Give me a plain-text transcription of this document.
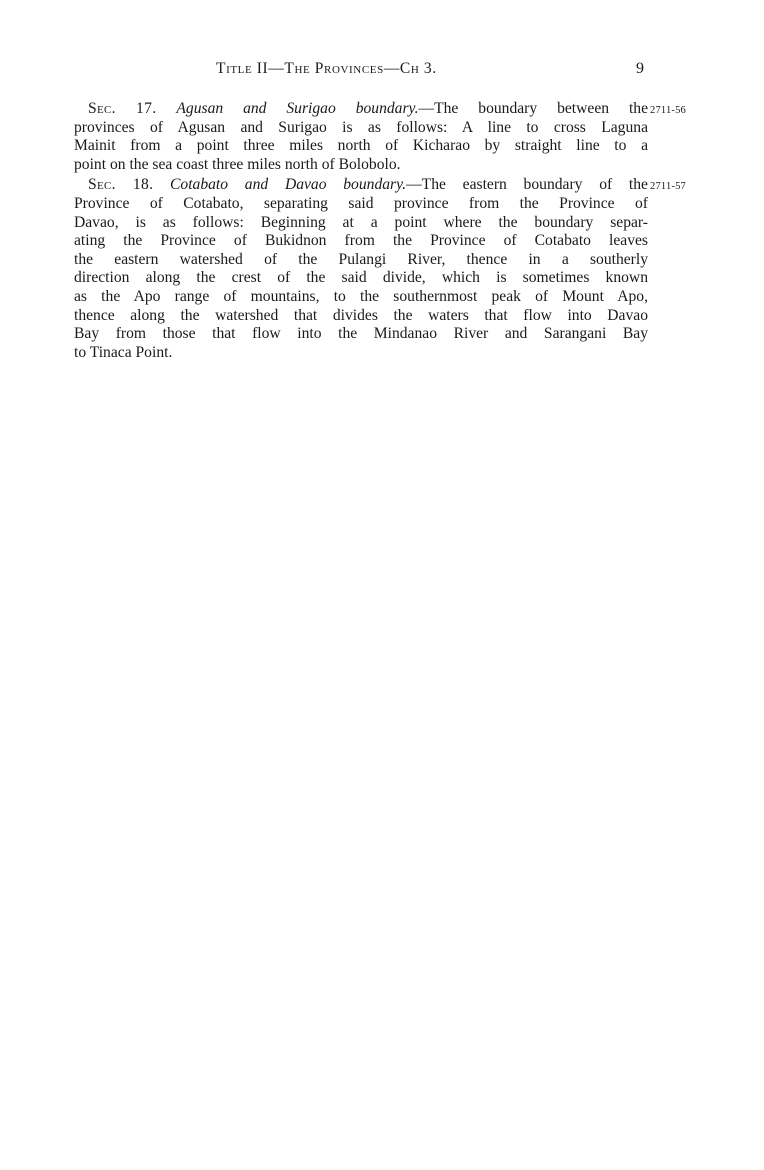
Title II—The Provinces—Ch 3.	9
2711-56
Sec. 17. Agusan and Surigao boundary.—The boundary between the
provinces of Agusan and Surigao is as follows: A line to cross Laguna
Mainit from a point three miles north of Kicharao by straight line to a
point on the sea coast three miles north of Bolobolo.
2711-57
Sec. 18. Cotabato and Davao boundary.—The eastern boundary of the
Province of Cotabato, separating said province from the Province of
Davao, is as follows: Beginning at a point where the boundary separ-
ating the Province of Bukidnon from the Province of Cotabato leaves
the eastern watershed of the Pulangi River, thence in a southerly
direction along the crest of the said divide, which is sometimes known
as the Apo range of mountains, to the southernmost peak of Mount Apo,
thence along the watershed that divides the waters that flow into Davao
Bay from those that flow into the Mindanao River and Sarangani Bay
to Tinaca Point.
